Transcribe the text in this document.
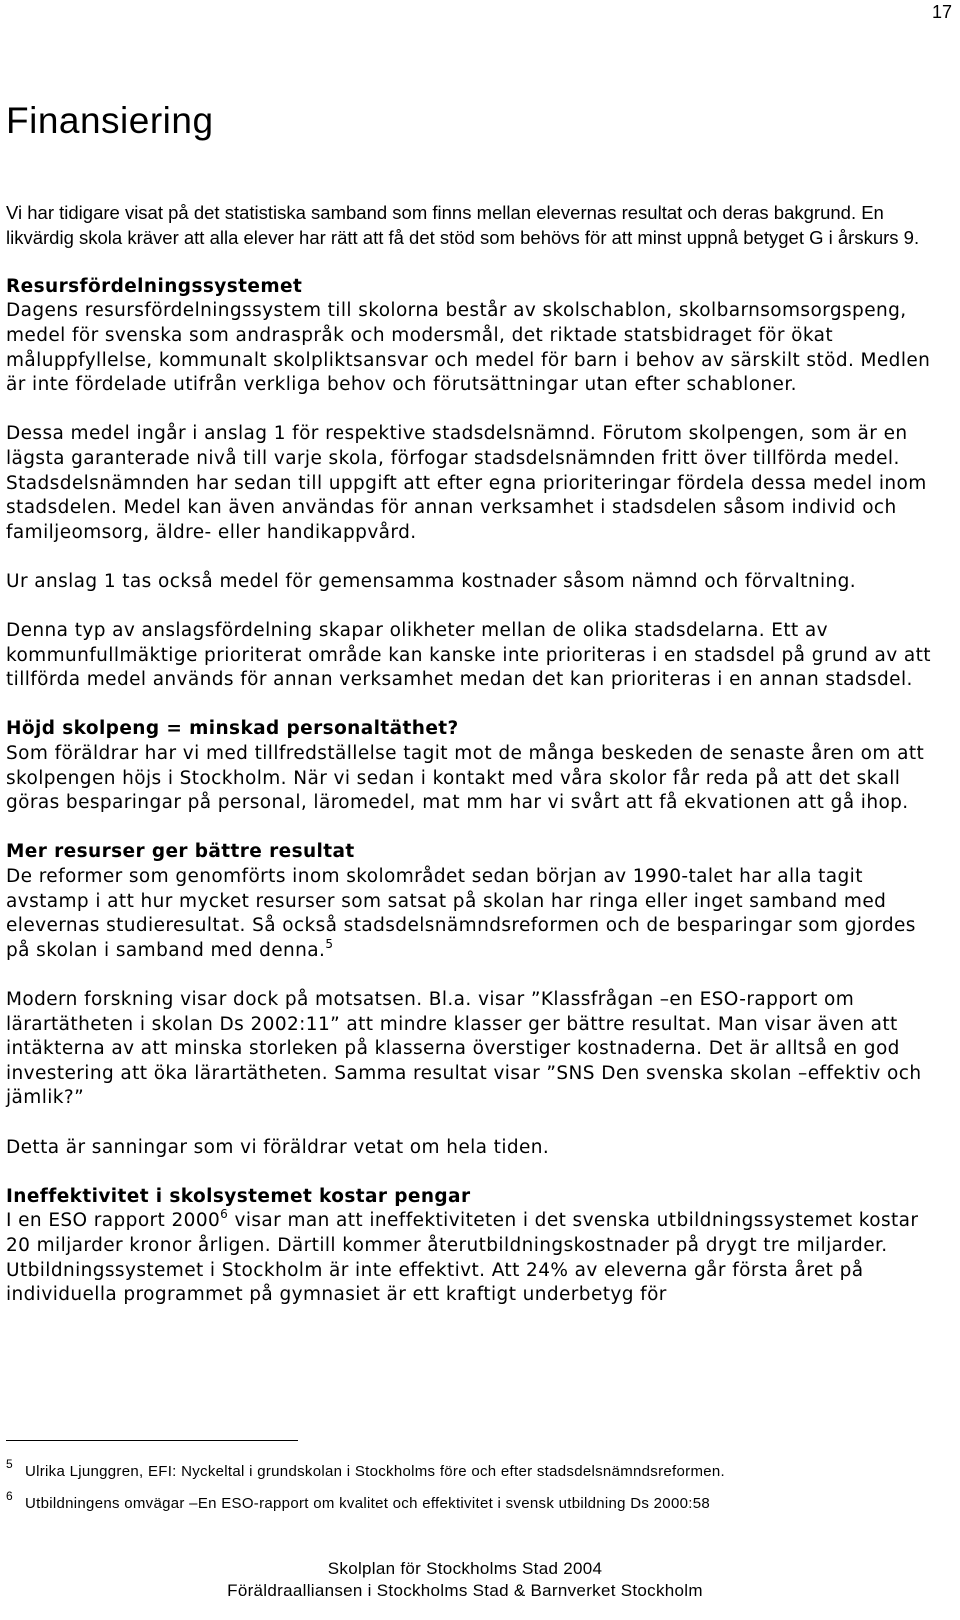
17
Finansiering

Vi har tidigare visat på det statistiska samband som finns mellan elevernas resultat och deras bakgrund. En likvärdig skola kräver att alla elever har rätt att få det stöd som behövs för att minst uppnå betyget G i årskurs 9.

Resursfördelningssystemet
Dagens resursfördelningssystem till skolorna består av skolschablon, skolbarnsomsorgspeng, medel för svenska som andraspråk och modersmål, det riktade statsbidraget för ökat måluppfyllelse, kommunalt skolpliktsansvar och medel för barn i behov av särskilt stöd. Medlen är inte fördelade utifrån verkliga behov och förutsättningar utan efter schabloner.

Dessa medel ingår i anslag 1 för respektive stadsdelsnämnd. Förutom skolpengen, som är en lägsta garanterade nivå till varje skola, förfogar stadsdelsnämnden fritt över tillförda medel. Stadsdelsnämnden har sedan till uppgift att efter egna prioriteringar fördela dessa medel inom stadsdelen. Medel kan även användas för annan verksamhet i stadsdelen såsom individ och familjeomsorg, äldre- eller handikappvård.

Ur anslag 1 tas också medel för gemensamma kostnader såsom nämnd och förvaltning.

Denna typ av anslagsfördelning skapar olikheter mellan de olika stadsdelarna. Ett av kommunfullmäktige prioriterat område kan kanske inte prioriteras i en stadsdel på grund av att tillförda medel används för annan verksamhet medan det kan prioriteras i en annan stadsdel.

Höjd skolpeng = minskad personaltäthet?
Som föräldrar har vi med tillfredställelse tagit mot de många beskeden de senaste åren om att skolpengen höjs i Stockholm. När vi sedan i kontakt med våra skolor får reda på att det skall göras besparingar på personal, läromedel, mat mm har vi svårt att få ekvationen att gå ihop.

Mer resurser ger bättre resultat
De reformer som genomförts inom skolområdet sedan början av 1990-talet har alla tagit avstamp i att hur mycket resurser som satsat på skolan har ringa eller inget samband med elevernas studieresultat. Så också stadsdelsnämndsreformen och de besparingar som gjordes på skolan i samband med denna.$^5$

Modern forskning visar dock på motsatsen. Bl.a. visar ”Klassfrågan –en ESO-rapport om lärartätheten i skolan Ds 2002:11” att mindre klasser ger bättre resultat. Man visar även att intäkterna av att minska storleken på klasserna överstiger kostnaderna. Det är alltså en god investering att öka lärartätheten. Samma resultat visar ”SNS Den svenska skolan –effektiv och jämlik?”

Detta är sanningar som vi föräldrar vetat om hela tiden.

Ineffektivitet i skolsystemet kostar pengar
I en ESO rapport 2000$^6$ visar man att ineffektiviteten i det svenska utbildningssystemet kostar 20 miljarder kronor årligen. Därtill kommer återutbildningskostnader på drygt tre miljarder. Utbildningssystemet i Stockholm är inte effektivt. Att 24% av eleverna går första året på individuella programmet på gymnasiet är ett kraftigt underbetyg för

$^5$ Ulrika Ljunggren, EFI: Nyckeltal i grundskolan i Stockholms före och efter stadsdelsnämndsreformen.

$^6$ Utbildningens omvägar –En ESO-rapport om kvalitet och effektivitet i svensk utbildning Ds 2000:58

Skolplan för Stockholms Stad 2004
Föräldraalliansen i Stockholms Stad & Barnverket Stockholm
